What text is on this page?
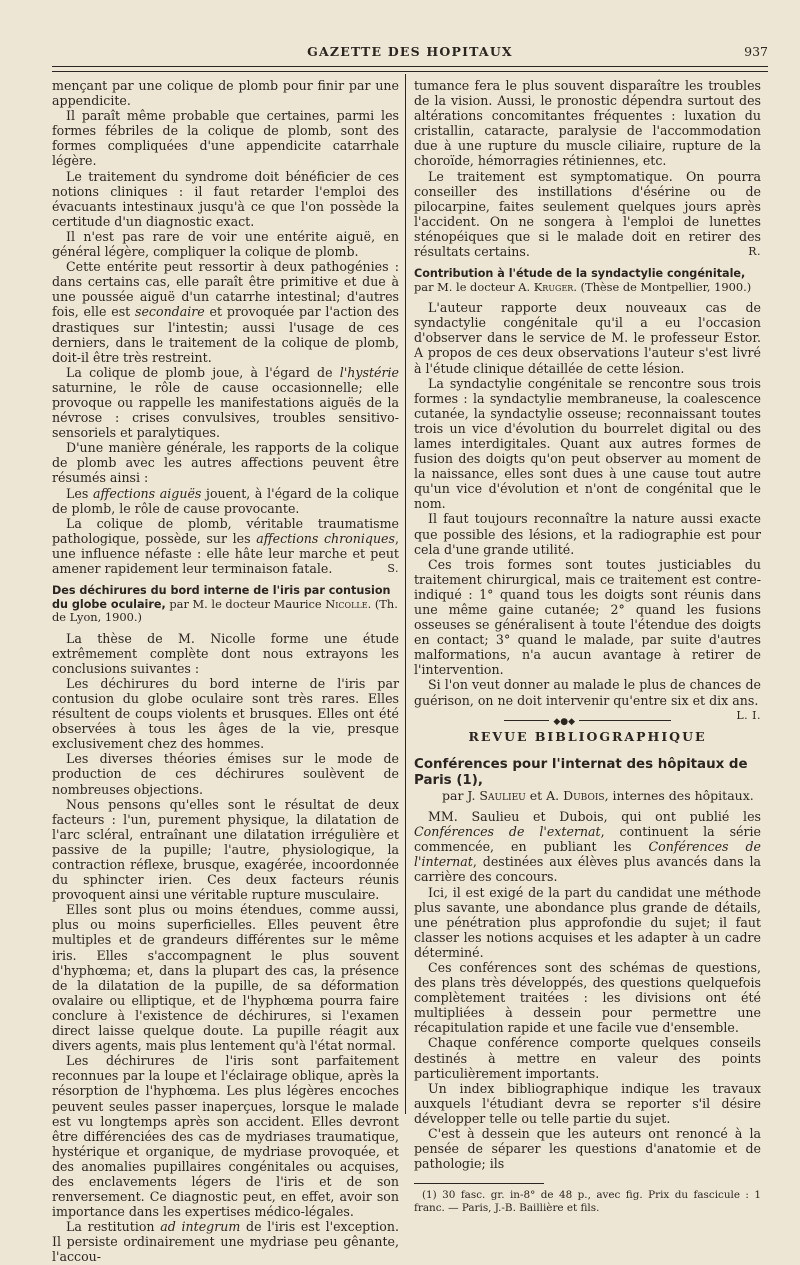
GAZETTE DES HOPITAUX	937

mençant par une colique de plomb pour finir par une appendicite.

Il paraît même probable que certaines, parmi les formes fébriles de la colique de plomb, sont des formes compliquées d'une appendicite catarrhale légère.

Le traitement du syndrome doit bénéficier de ces notions cliniques : il faut retarder l'emploi des évacuants intestinaux jusqu'à ce que l'on possède la certitude d'un diagnostic exact.

Il n'est pas rare de voir une entérite aiguë, en général légère, compliquer la colique de plomb.

Cette entérite peut ressortir à deux pathogénies : dans certains cas, elle paraît être primitive et due à une poussée aiguë d'un catarrhe intestinal; d'autres fois, elle est secondaire et provoquée par l'action des drastiques sur l'intestin; aussi l'usage de ces derniers, dans le traitement de la colique de plomb, doit-il être très restreint.

La colique de plomb joue, à l'égard de l'hystérie saturnine, le rôle de cause occasionnelle; elle provoque ou rappelle les manifestations aiguës de la névrose : crises convulsives, troubles sensitivo-sensoriels et paralytiques.

D'une manière générale, les rapports de la colique de plomb avec les autres affections peuvent être résumés ainsi :

Les affections aiguës jouent, à l'égard de la colique de plomb, le rôle de cause provocante.

La colique de plomb, véritable traumatisme pathologique, possède, sur les affections chroniques, une influence néfaste : elle hâte leur marche et peut amener rapidement leur terminaison fatale.	S.

Des déchirures du bord interne de l'iris par contusion du globe oculaire, par M. le docteur Maurice Nicolle. (Th. de Lyon, 1900.)

La thèse de M. Nicolle forme une étude extrêmement complète dont nous extrayons les conclusions suivantes :

Les déchirures du bord interne de l'iris par contusion du globe oculaire sont très rares. Elles résultent de coups violents et brusques. Elles ont été observées à tous les âges de la vie, presque exclusivement chez des hommes.

Les diverses théories émises sur le mode de production de ces déchirures soulèvent de nombreuses objections.

Nous pensons qu'elles sont le résultat de deux facteurs : l'un, purement physique, la dilatation de l'arc scléral, entraînant une dilatation irrégulière et passive de la pupille; l'autre, physiologique, la contraction réflexe, brusque, exagérée, incoordonnée du sphincter irien. Ces deux facteurs réunis provoquent ainsi une véritable rupture musculaire.

Elles sont plus ou moins étendues, comme aussi, plus ou moins superficielles. Elles peuvent être multiples et de grandeurs différentes sur le même iris. Elles s'accompagnent le plus souvent d'hyphœma; et, dans la plupart des cas, la présence de la dilatation de la pupille, de sa déformation ovalaire ou elliptique, et de l'hyphœma pourra faire conclure à l'existence de déchirures, si l'examen direct laisse quelque doute. La pupille réagit aux divers agents, mais plus lentement qu'à l'état normal.

Les déchirures de l'iris sont parfaitement reconnues par la loupe et l'éclairage oblique, après la résorption de l'hyphœma. Les plus légères encoches peuvent seules passer inaperçues, lorsque le malade est vu longtemps après son accident. Elles devront être différenciées des cas de mydriases traumatique, hystérique et organique, de mydriase provoquée, et des anomalies pupillaires congénitales ou acquises, des enclavements légers de l'iris et de son renversement. Ce diagnostic peut, en effet, avoir son importance dans les expertises médico-légales.

La restitution ad integrum de l'iris est l'exception. Il persiste ordinairement une mydriase peu gênante, l'accou-

tumance fera le plus souvent disparaître les troubles de la vision. Aussi, le pronostic dépendra surtout des altérations concomitantes fréquentes : luxation du cristallin, cataracte, paralysie de l'accommodation due à une rupture du muscle ciliaire, rupture de la choroïde, hémorragies rétiniennes, etc.

Le traitement est symptomatique. On pourra conseiller des instillations d'ésérine ou de pilocarpine, faites seulement quelques jours après l'accident. On ne songera à l'emploi de lunettes sténopéiques que si le malade doit en retirer des résultats certains.	R.

Contribution à l'étude de la syndactylie congénitale, par M. le docteur A. Kruger. (Thèse de Montpellier, 1900.)

L'auteur rapporte deux nouveaux cas de syndactylie congénitale qu'il a eu l'occasion d'observer dans le service de M. le professeur Estor. A propos de ces deux observations l'auteur s'est livré à l'étude clinique détaillée de cette lésion.

La syndactylie congénitale se rencontre sous trois formes : la syndactylie membraneuse, la coalescence cutanée, la syndactylie osseuse; reconnaissant toutes trois un vice d'évolution du bourrelet digital ou des lames interdigitales. Quant aux autres formes de fusion des doigts qu'on peut observer au moment de la naissance, elles sont dues à une cause tout autre qu'un vice d'évolution et n'ont de congénital que le nom.

Il faut toujours reconnaître la nature aussi exacte que possible des lésions, et la radiographie est pour cela d'une grande utilité.

Ces trois formes sont toutes justiciables du traitement chirurgical, mais ce traitement est contre-indiqué : 1° quand tous les doigts sont réunis dans une même gaine cutanée; 2° quand les fusions osseuses se généralisent à toute l'étendue des doigts en contact; 3° quand le malade, par suite d'autres malformations, n'a aucun avantage à retirer de l'intervention.

Si l'on veut donner au malade le plus de chances de guérison, on ne doit intervenir qu'entre six et dix ans.
L. I.

◆●◆
REVUE BIBLIOGRAPHIQUE
Conférences pour l'internat des hôpitaux de Paris (1),
par J. Saulieu et A. Dubois, internes des hôpitaux.

MM. Saulieu et Dubois, qui ont publié les Conférences de l'externat, continuent la série commencée, en publiant les Conférences de l'internat, destinées aux élèves plus avancés dans la carrière des concours.

Ici, il est exigé de la part du candidat une méthode plus savante, une abondance plus grande de détails, une pénétration plus approfondie du sujet; il faut classer les notions acquises et les adapter à un cadre déterminé.

Ces conférences sont des schémas de questions, des plans très développés, des questions quelquefois complètement traitées : les divisions ont été multipliées à dessein pour permettre une récapitulation rapide et une facile vue d'ensemble.

Chaque conférence comporte quelques conseils destinés à mettre en valeur des points particulièrement importants.

Un index bibliographique indique les travaux auxquels l'étudiant devra se reporter s'il désire développer telle ou telle partie du sujet.

C'est à dessein que les auteurs ont renoncé à la pensée de séparer les questions d'anatomie et de pathologie; ils

(1) 30 fasc. gr. in-8° de 48 p., avec fig. Prix du fascicule : 1 franc. — Paris, J.-B. Baillière et fils.
